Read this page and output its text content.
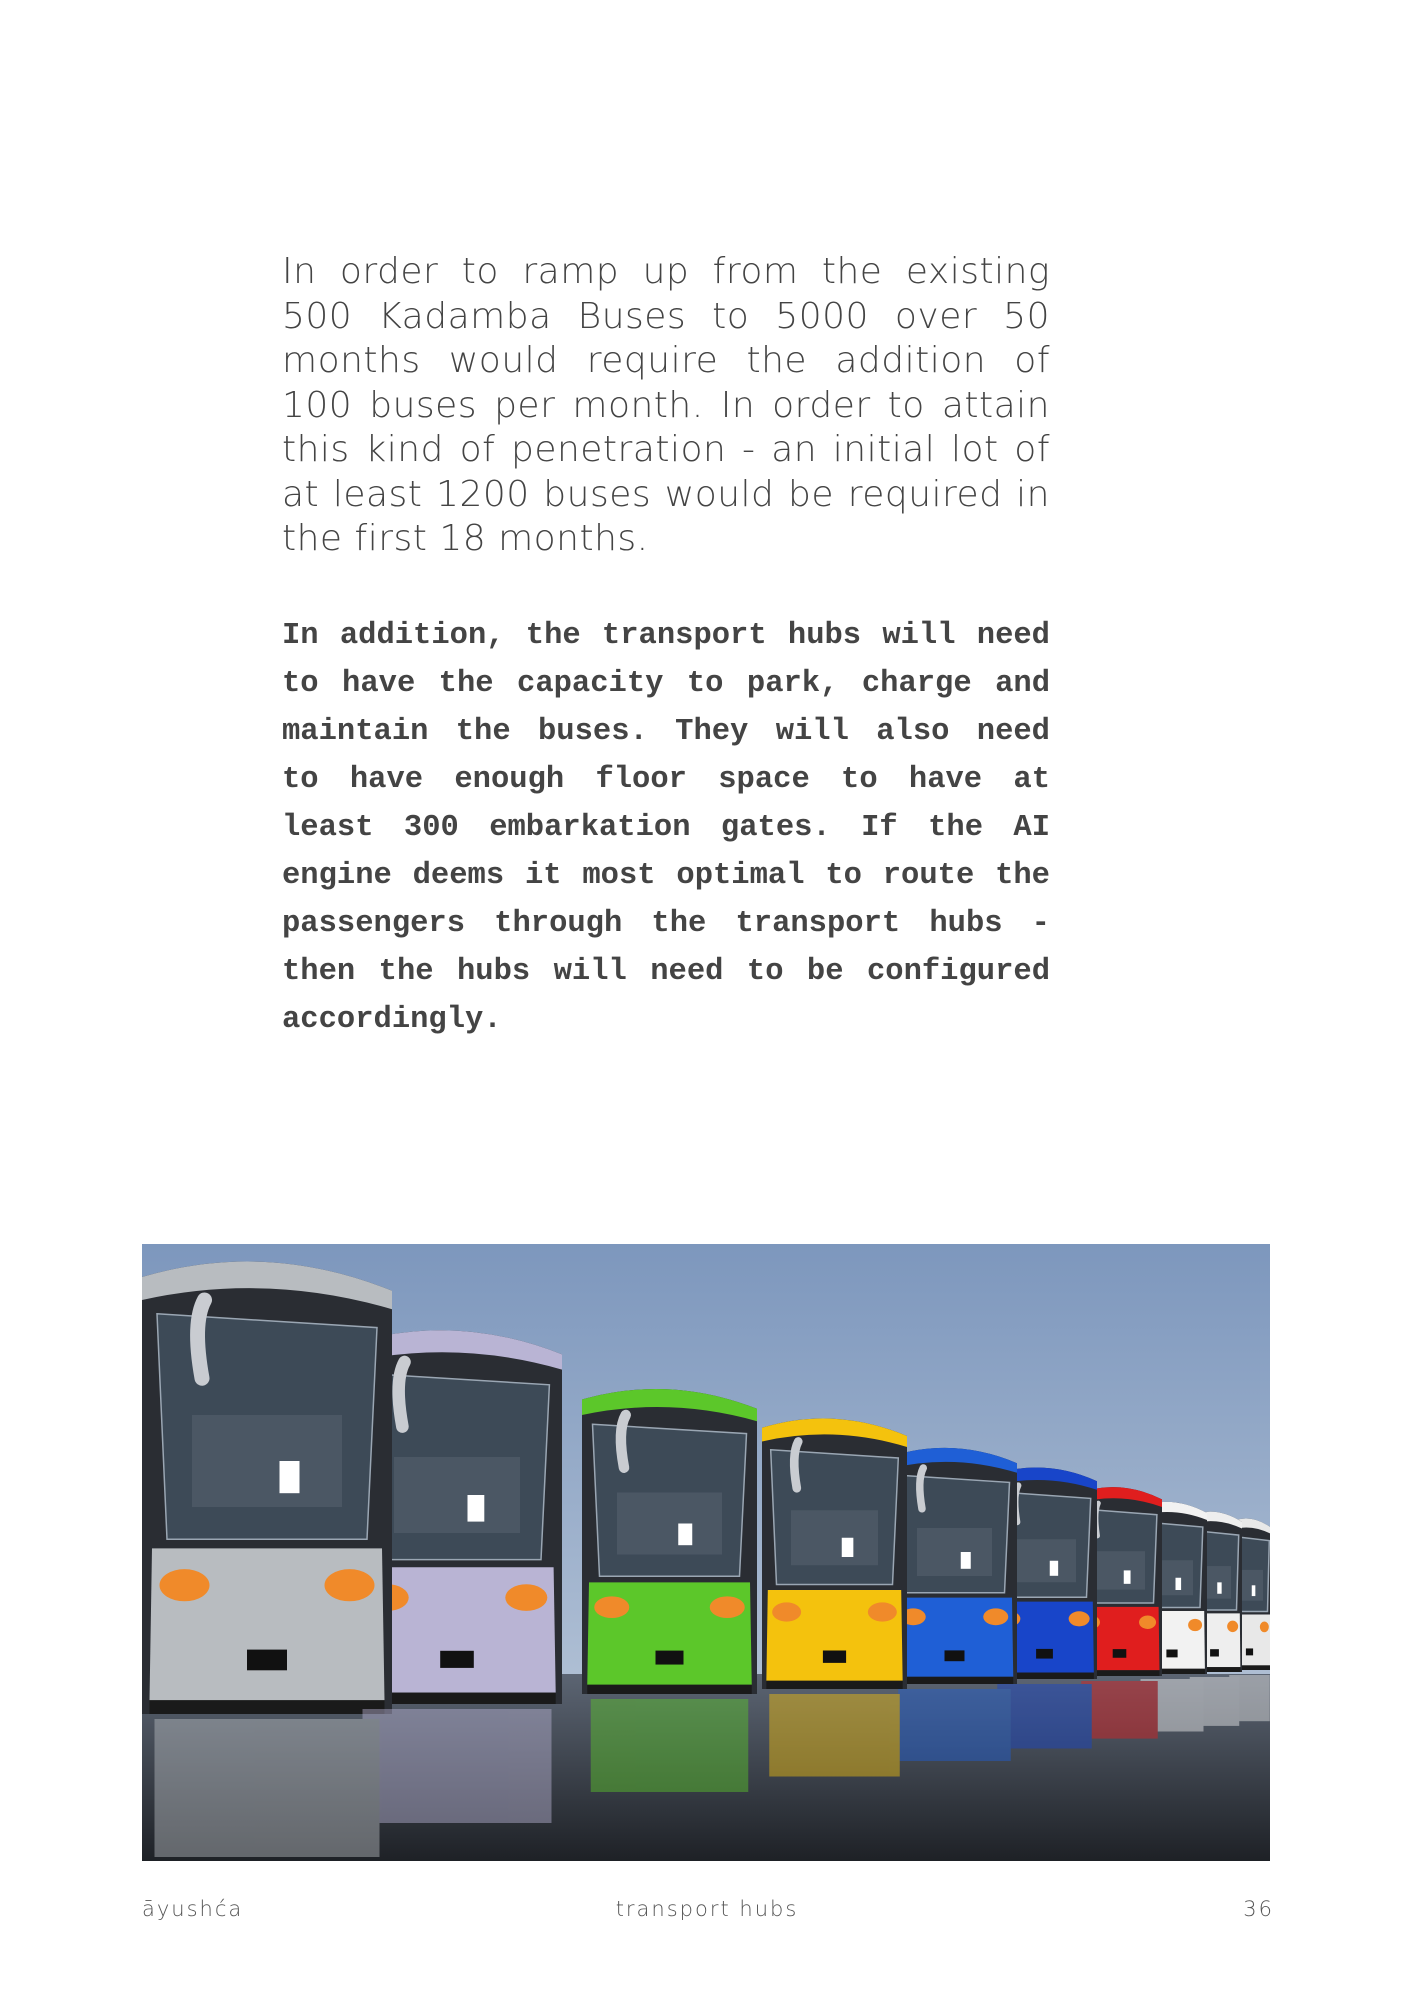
In order to ramp up from the existing 500 Kadamba Buses to 5000 over 50 months would require the addition of 100 buses per month. In order to attain this kind of penetration - an initial lot of at least 1200 buses would be required in the first 18 months.

In addition, the transport hubs will need to have the capacity to park, charge and maintain the buses. They will also need to have enough floor space to have at least 300 embarkation gates. If the AI engine deems it most optimal to route the passengers through the transport hubs - then the hubs will need to be configured accordingly.

āyushća	transport hubs	36
